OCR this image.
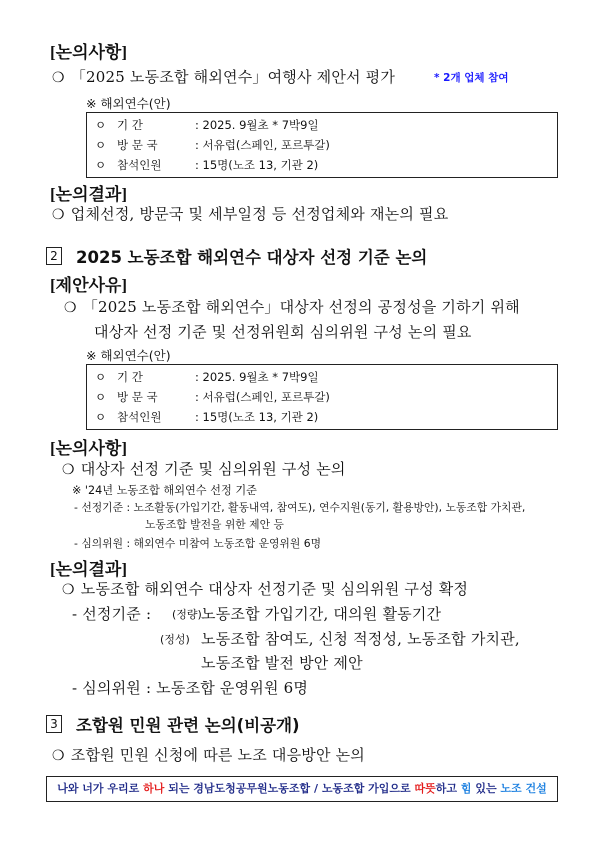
[논의사항]
❍ 「2025 노동조합 해외연수」여행사 제안서 평가	* 2개 업체 참여
※ 해외연수(안)
ㅇ 기 간	: 2025. 9월초 * 7박9일
ㅇ 방 문 국	: 서유럽(스페인, 포르투갈)
ㅇ 참석인원	: 15명(노조 13, 기관 2)
[논의결과]
❍ 업체선정, 방문국 및 세부일정 등 선정업체와 재논의 필요
2 2025 노동조합 해외연수 대상자 선정 기준 논의
[제안사유]
❍ 「2025 노동조합 해외연수」대상자 선정의 공정성을 기하기 위해
대상자 선정 기준 및 선정위원회 심의위원 구성 논의 필요
※ 해외연수(안)
ㅇ 기 간	: 2025. 9월초 * 7박9일
ㅇ 방 문 국	: 서유럽(스페인, 포르투갈)
ㅇ 참석인원	: 15명(노조 13, 기관 2)
[논의사항]
❍ 대상자 선정 기준 및 심의위원 구성 논의
※ '24년 노동조합 해외연수 선정 기준
- 선정기준 : 노조활동(가입기간, 활동내역, 참여도), 연수지원(동기, 활용방안), 노동조합 가치관,
노동조합 발전을 위한 제안 등
- 심의위원 : 해외연수 미참여 노동조합 운영위원 6명
[논의결과]
❍ 노동조합 해외연수 대상자 선정기준 및 심의위원 구성 확정
- 선정기준 : (정량) 노동조합 가입기간, 대의원 활동기간
(정성) 노동조합 참여도, 신청 적정성, 노동조합 가치관,
노동조합 발전 방안 제안
- 심의위원 : 노동조합 운영위원 6명
3 조합원 민원 관련 논의(비공개)
❍ 조합원 민원 신청에 따른 노조 대응방안 논의
나와 너가 우리로 하나 되는 경남도청공무원노동조합 / 노동조합 가입으로 따뜻하고 힘 있는 노조 건설
